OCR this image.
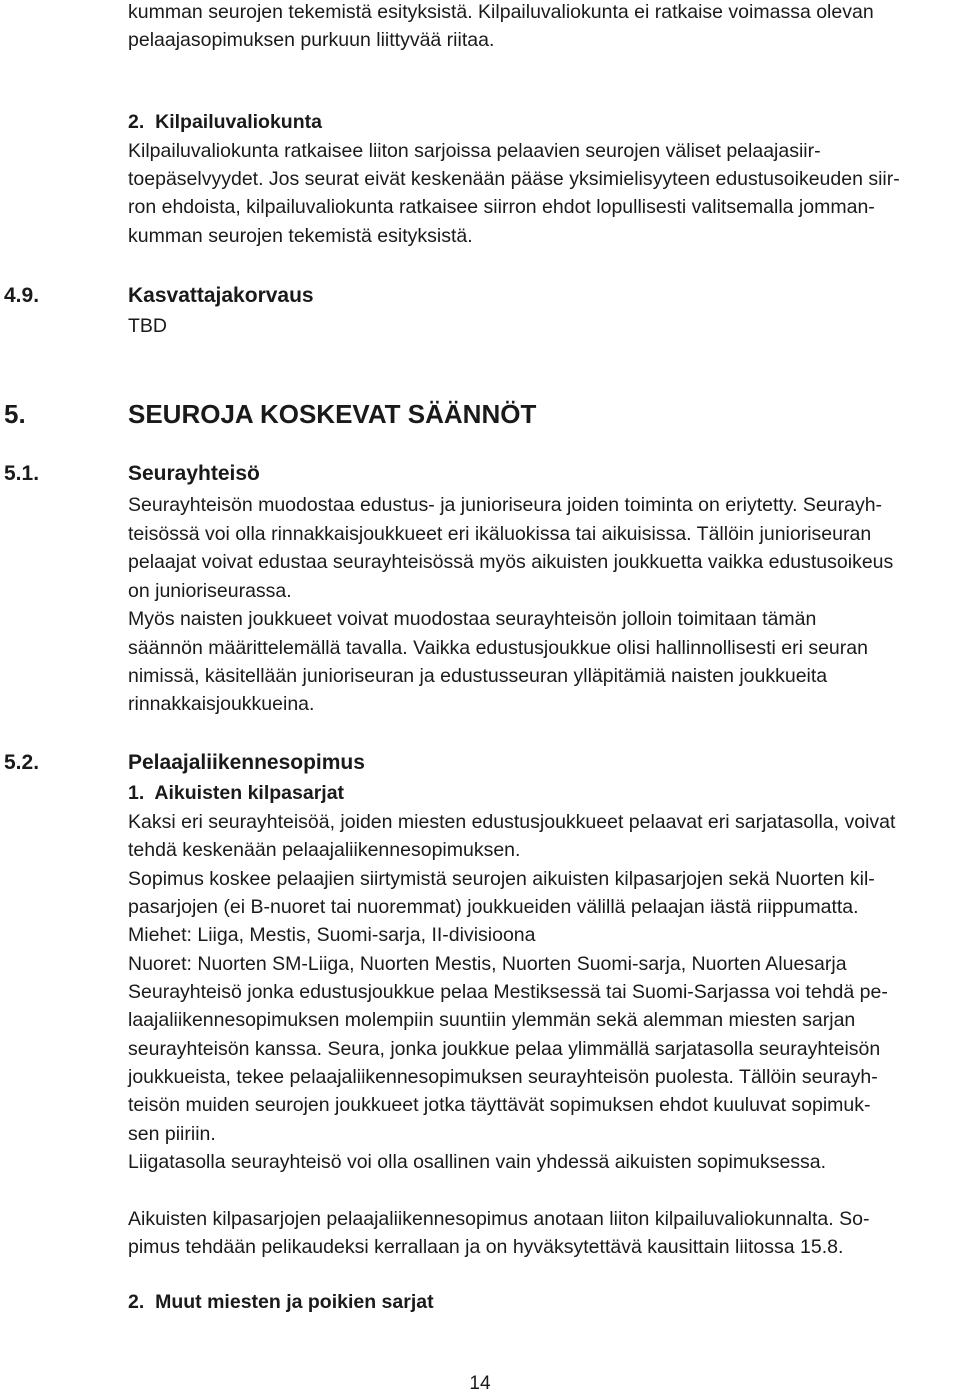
kumman seurojen tekemistä esityksistä. Kilpailuvaliokunta ei ratkaise voimassa olevan
pelaajasopimuksen purkuun liittyvää riitaa.
2. Kilpailuvaliokunta
Kilpailuvaliokunta ratkaisee liiton sarjoissa pelaavien seurojen väliset pelaajasiir-
toepäselvyydet. Jos seurat eivät keskenään pääse yksimielisyyteen edustusoikeuden siir-
ron ehdoista, kilpailuvaliokunta ratkaisee siirron ehdot lopullisesti valitsemalla jomman-
kumman seurojen tekemistä esityksistä.
4.9.	Kasvattajakorvaus
TBD
5.	SEUROJA KOSKEVAT SÄÄNNÖT
5.1.	Seurayhteisö
Seurayhteisön muodostaa edustus- ja junioriseura joiden toiminta on eriytetty. Seurayh-
teisössä voi olla rinnakkaisjoukkueet eri ikäluokissa tai aikuisissa. Tällöin junioriseuran
pelaajat voivat edustaa seurayhteisössä myös aikuisten joukkuetta vaikka edustusoikeus
on junioriseurassa.
Myös naisten joukkueet voivat muodostaa seurayhteisön jolloin toimitaan tämän
säännön määrittelemällä tavalla. Vaikka edustusjoukkue olisi hallinnollisesti eri seuran
nimissä, käsitellään junioriseuran ja edustusseuran ylläpitämiä naisten joukkueita
rinnakkaisjoukkueina.
5.2.	Pelaajaliikennesopimus
1. Aikuisten kilpasarjat
Kaksi eri seurayhteisöä, joiden miesten edustusjoukkueet pelaavat eri sarjatasolla, voivat
tehdä keskenään pelaajaliikennesopimuksen.
Sopimus koskee pelaajien siirtymistä seurojen aikuisten kilpasarjojen sekä Nuorten kil-
pasarjojen (ei B-nuoret tai nuoremmat) joukkueiden välillä pelaajan iästä riippumatta.
Miehet: Liiga, Mestis, Suomi-sarja, II-divisioona
Nuoret: Nuorten SM-Liiga, Nuorten Mestis, Nuorten Suomi-sarja, Nuorten Aluesarja
Seurayhteisö jonka edustusjoukkue pelaa Mestiksessä tai Suomi-Sarjassa voi tehdä pe-
laajaliikennesopimuksen molempiin suuntiin ylemmän sekä alemman miesten sarjan
seurayhteisön kanssa. Seura, jonka joukkue pelaa ylimmällä sarjatasolla seurayhteisön
joukkueista, tekee pelaajaliikennesopimuksen seurayhteisön puolesta. Tällöin seurayh-
teisön muiden seurojen joukkueet jotka täyttävät sopimuksen ehdot kuuluvat sopimuk-
sen piiriin.
Liigatasolla seurayhteisö voi olla osallinen vain yhdessä aikuisten sopimuksessa.
Aikuisten kilpasarjojen pelaajaliikennesopimus anotaan liiton kilpailuvaliokunnalta. So-
pimus tehdään pelikaudeksi kerrallaan ja on hyväksytettävä kausittain liitossa 15.8.
2. Muut miesten ja poikien sarjat
14
